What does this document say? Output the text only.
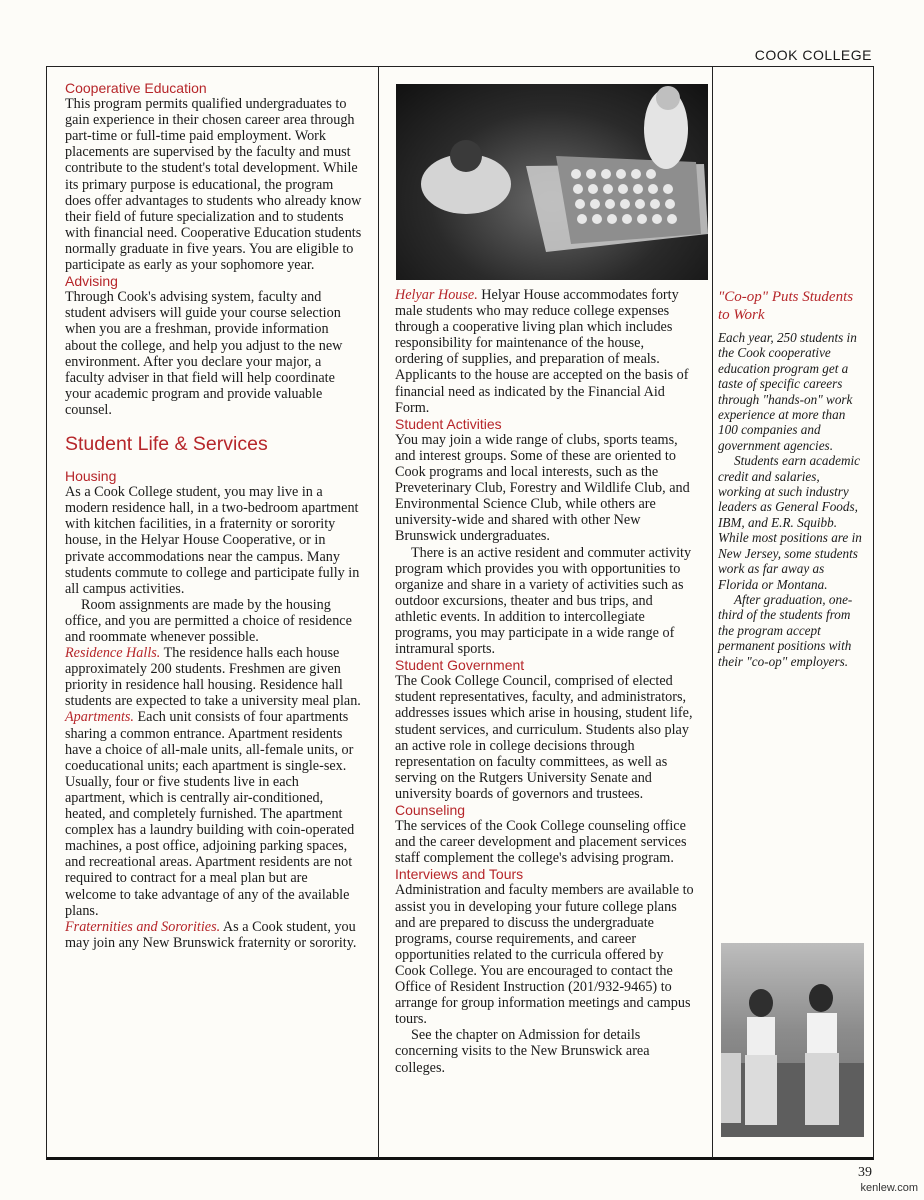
COOK COLLEGE

Cooperative Education

This program permits qualified undergraduates to gain experience in their chosen career area through part-time or full-time paid employment. Work placements are supervised by the faculty and must contribute to the student's total development. While its primary purpose is educational, the program does offer advantages to students who already know their field of future specialization and to students with financial need. Cooperative Education students normally graduate in five years. You are eligible to participate as early as your sophomore year.

Advising

Through Cook's advising system, faculty and student advisers will guide your course selection when you are a freshman, provide information about the college, and help you adjust to the new environment. After you declare your major, a faculty adviser in that field will help coordinate your academic program and provide valuable counsel.

Student Life & Services

Housing

As a Cook College student, you may live in a modern residence hall, in a two-bedroom apartment with kitchen facilities, in a fraternity or sorority house, in the Helyar House Cooperative, or in private accommodations near the campus. Many students commute to college and participate fully in all campus activities.

Room assignments are made by the housing office, and you are permitted a choice of residence and roommate whenever possible.

Residence Halls. The residence halls each house approximately 200 students. Freshmen are given priority in residence hall housing. Residence hall students are expected to take a university meal plan.

Apartments. Each unit consists of four apartments sharing a common entrance. Apartment residents have a choice of all-male units, all-female units, or coeducational units; each apartment is single-sex. Usually, four or five students live in each apartment, which is centrally air-conditioned, heated, and completely furnished. The apartment complex has a laundry building with coin-operated machines, a post office, adjoining parking spaces, and recreational areas. Apartment residents are not required to contract for a meal plan but are welcome to take advantage of any of the available plans.

Fraternities and Sororities. As a Cook student, you may join any New Brunswick fraternity or sorority.

Helyar House. Helyar House accommodates forty male students who may reduce college expenses through a cooperative living plan which includes responsibility for maintenance of the house, ordering of supplies, and preparation of meals. Applicants to the house are accepted on the basis of financial need as indicated by the Financial Aid Form.

Student Activities

You may join a wide range of clubs, sports teams, and interest groups. Some of these are oriented to Cook programs and local interests, such as the Preveterinary Club, Forestry and Wildlife Club, and Environmental Science Club, while others are university-wide and shared with other New Brunswick undergraduates.

There is an active resident and commuter activity program which provides you with opportunities to organize and share in a variety of activities such as outdoor excursions, theater and bus trips, and athletic events. In addition to intercollegiate programs, you may participate in a wide range of intramural sports.

Student Government

The Cook College Council, comprised of elected student representatives, faculty, and administrators, addresses issues which arise in housing, student life, student services, and curriculum. Students also play an active role in college decisions through representation on faculty committees, as well as serving on the Rutgers University Senate and university boards of governors and trustees.

Counseling

The services of the Cook College counseling office and the career development and placement services staff complement the college's advising program.

Interviews and Tours

Administration and faculty members are available to assist you in developing your future college plans and are prepared to discuss the undergraduate programs, course requirements, and career opportunities related to the curricula offered by Cook College. You are encouraged to contact the Office of Resident Instruction (201/932-9465) to arrange for group information meetings and campus tours.

See the chapter on Admission for details concerning visits to the New Brunswick area colleges.

"Co-op" Puts Students to Work

Each year, 250 students in the Cook cooperative education program get a taste of specific careers through "hands-on" work experience at more than 100 companies and government agencies.

Students earn academic credit and salaries, working at such industry leaders as General Foods, IBM, and E.R. Squibb. While most positions are in New Jersey, some students work as far away as Florida or Montana.

After graduation, one-third of the students from the program accept permanent positions with their "co-op" employers.

39
kenlew.com
